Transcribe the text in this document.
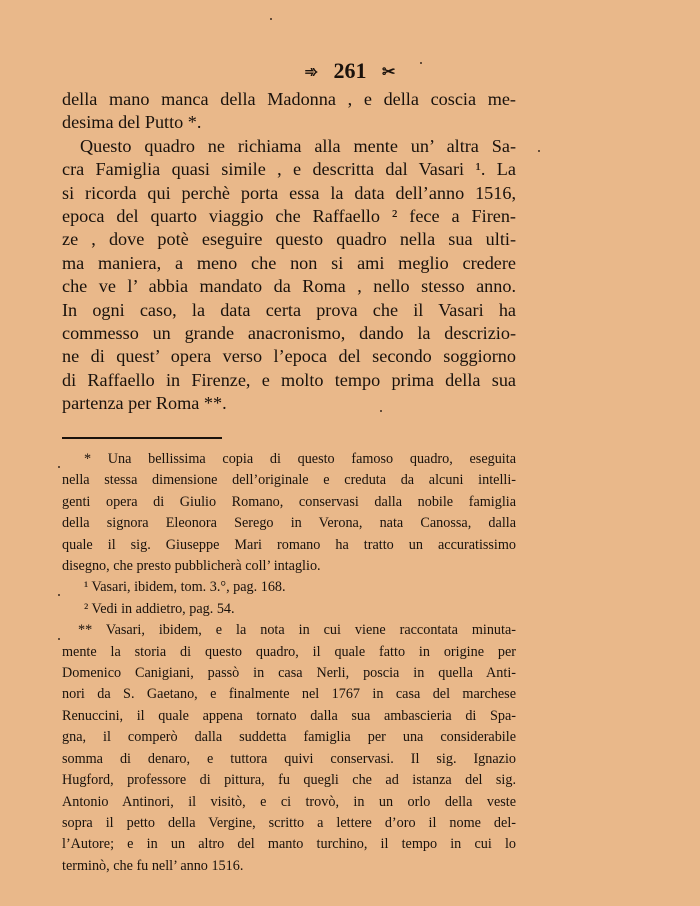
➾ 261 ✂
della mano manca della Madonna , e della coscia me-
desima del Putto *.
Questo quadro ne richiama alla mente un’ altra Sa-
cra Famiglia quasi simile , e descritta dal Vasari ¹. La
si ricorda qui perchè porta essa la data dell’anno 1516,
epoca del quarto viaggio che Raffaello ² fece a Firen-
ze , dove potè eseguire questo quadro nella sua ulti-
ma maniera, a meno che non si ami meglio credere
che ve l’ abbia mandato da Roma , nello stesso anno.
In ogni caso, la data certa prova che il Vasari ha
commesso un grande anacronismo, dando la descrizio-
ne di quest’ opera verso l’epoca del secondo soggiorno
di Raffaello in Firenze, e molto tempo prima della sua
partenza per Roma **.
* Una bellissima copia di questo famoso quadro, eseguita
nella stessa dimensione dell’originale e creduta da alcuni intelli-
genti opera di Giulio Romano, conservasi dalla nobile famiglia
della signora Eleonora Serego in Verona, nata Canossa, dalla
quale il sig. Giuseppe Mari romano ha tratto un accuratissimo
disegno, che presto pubblicherà coll’ intaglio.
¹ Vasari, ibidem, tom. 3.°, pag. 168.
² Vedi in addietro, pag. 54.
** Vasari, ibidem, e la nota in cui viene raccontata minuta-
mente la storia di questo quadro, il quale fatto in origine per
Domenico Canigiani, passò in casa Nerli, poscia in quella Anti-
nori da S. Gaetano, e finalmente nel 1767 in casa del marchese
Renuccini, il quale appena tornato dalla sua ambascieria di Spa-
gna, il comperò dalla suddetta famiglia per una considerabile
somma di denaro, e tuttora quivi conservasi. Il sig. Ignazio
Hugford, professore di pittura, fu quegli che ad istanza del sig.
Antonio Antinori, il visitò, e ci trovò, in un orlo della veste
sopra il petto della Vergine, scritto a lettere d’oro il nome del-
l’Autore; e in un altro del manto turchino, il tempo in cui lo
terminò, che fu nell’ anno 1516.
